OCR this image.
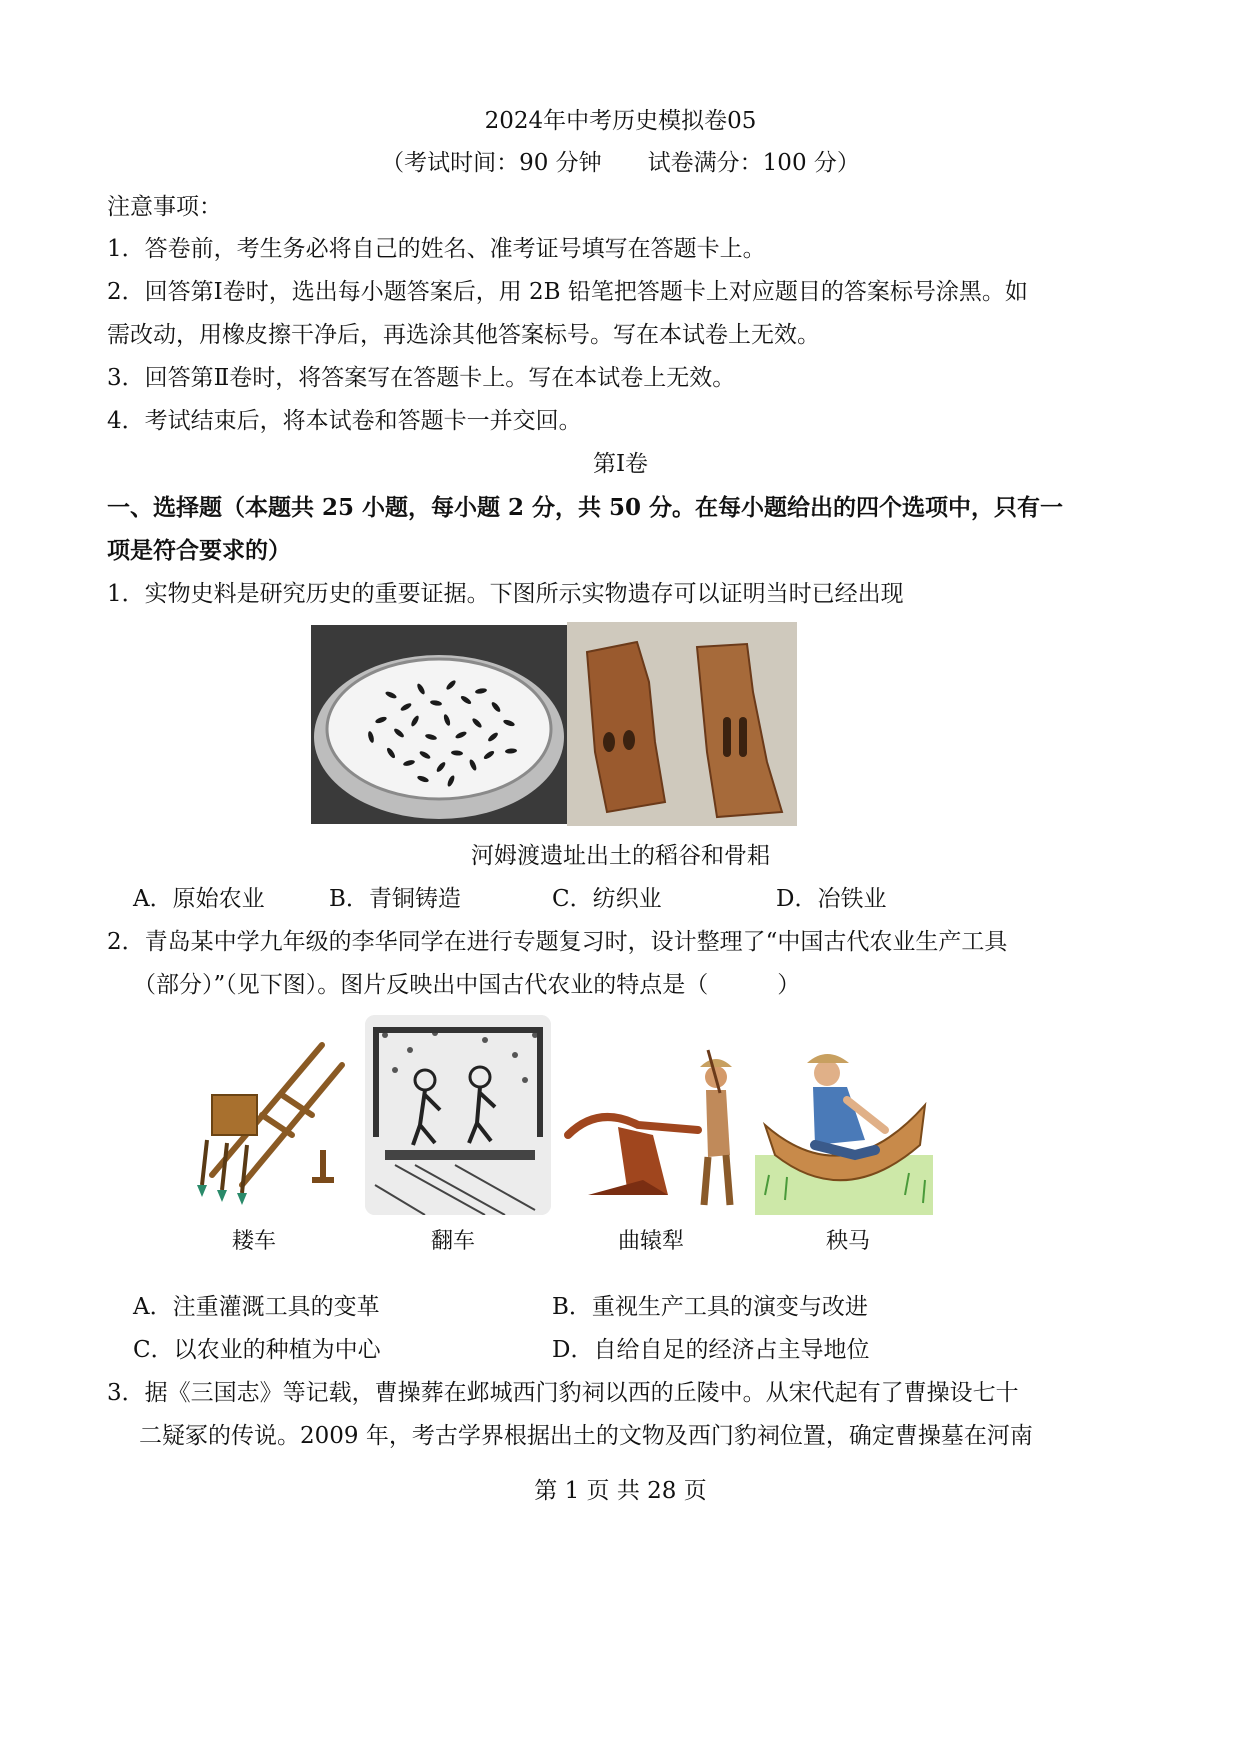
2024年中考历史模拟卷05
（考试时间：90 分钟　　试卷满分：100 分）
注意事项：
1．答卷前，考生务必将自己的姓名、准考证号填写在答题卡上。
2．回答第Ⅰ卷时，选出每小题答案后，用 2B 铅笔把答题卡上对应题目的答案标号涂黑。如
需改动，用橡皮擦干净后，再选涂其他答案标号。写在本试卷上无效。
3．回答第Ⅱ卷时，将答案写在答题卡上。写在本试卷上无效。
4．考试结束后，将本试卷和答题卡一并交回。
第Ⅰ卷
一、选择题（本题共 25 小题，每小题 2 分，共 50 分。在每小题给出的四个选项中，只有一
项是符合要求的）
1．实物史料是研究历史的重要证据。下图所示实物遗存可以证明当时已经出现
河姆渡遗址出土的稻谷和骨耜
A．原始农业	B．青铜铸造	C．纺织业	D．冶铁业
2．青岛某中学九年级的李华同学在进行专题复习时，设计整理了“中国古代农业生产工具
（部分）”（见下图）。图片反映出中国古代农业的特点是（　　　）
耧车	翻车	曲辕犁	秧马
A．注重灌溉工具的变革	B．重视生产工具的演变与改进
C．以农业的种植为中心	D．自给自足的经济占主导地位
3．据《三国志》等记载，曹操葬在邺城西门豹祠以西的丘陵中。从宋代起有了曹操设七十
二疑冢的传说。2009 年，考古学界根据出土的文物及西门豹祠位置，确定曹操墓在河南
第 1 页 共 28 页
